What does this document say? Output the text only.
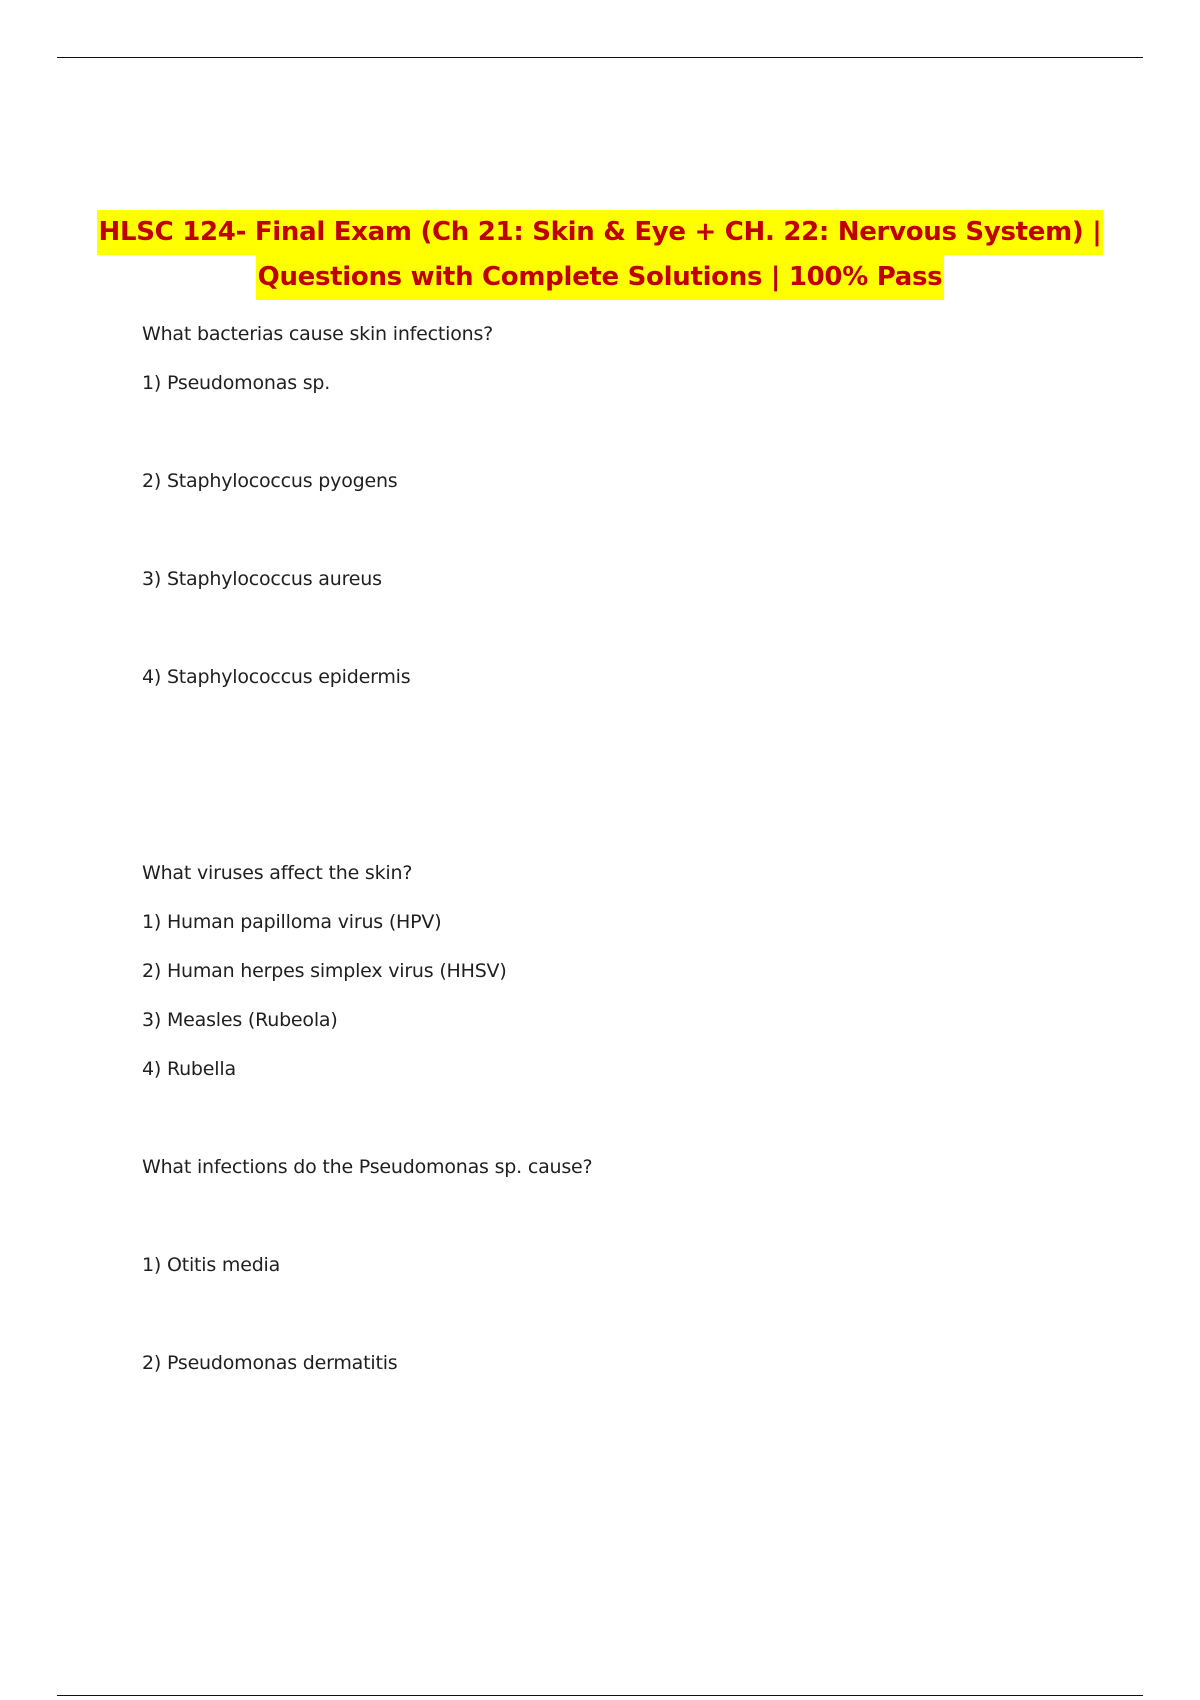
HLSC 124- Final Exam (Ch 21: Skin & Eye + CH. 22: Nervous System) |
Questions with Complete Solutions | 100% Pass
What bacterias cause skin infections?
1) Pseudomonas sp.
2) Staphylococcus pyogens
3) Staphylococcus aureus
4) Staphylococcus epidermis
What viruses affect the skin?
1) Human papilloma virus (HPV)
2) Human herpes simplex virus (HHSV)
3) Measles (Rubeola)
4) Rubella
What infections do the Pseudomonas sp. cause?
1) Otitis media
2) Pseudomonas dermatitis
